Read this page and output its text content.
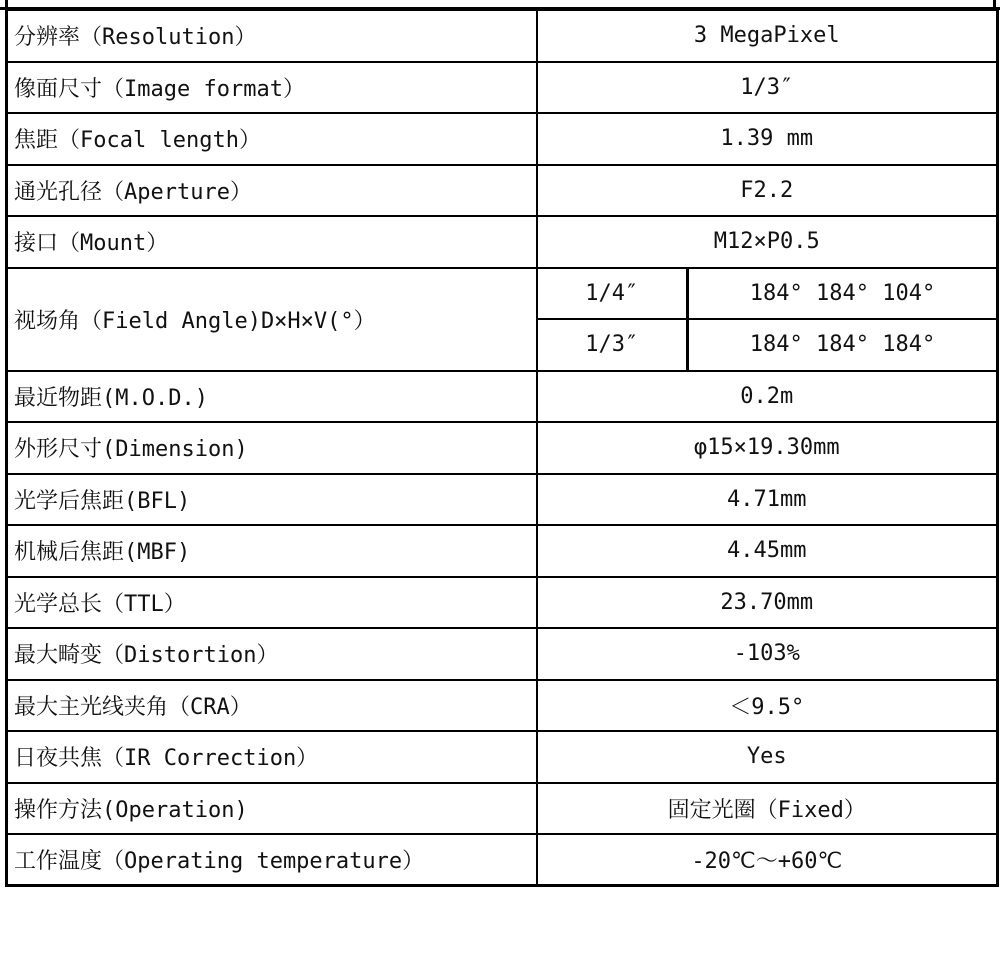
分辨率（Resolution）	3 MegaPixel	
像面尺寸（Image format）	1/3″	
焦距（Focal length）	1.39 mm	
通光孔径（Aperture）	F2.2	
接口（Mount）	M12×P0.5	
视场角（Field Angle)D×H×V(°）	1/4″	184° 184° 104°
	1/3″	184° 184° 184°
最近物距(M.O.D.)	0.2m	
外形尺寸(Dimension)	φ15×19.30mm	
光学后焦距(BFL)	4.71mm	
机械后焦距(MBF)	4.45mm	
光学总长（TTL）	23.70mm	
最大畸变（Distortion）	-103%	
最大主光线夹角（CRA）	＜9.5°	
日夜共焦（IR Correction）	Yes	
操作方法(Operation)	固定光圈（Fixed）	
工作温度（Operating temperature）	-20℃～+60℃	
